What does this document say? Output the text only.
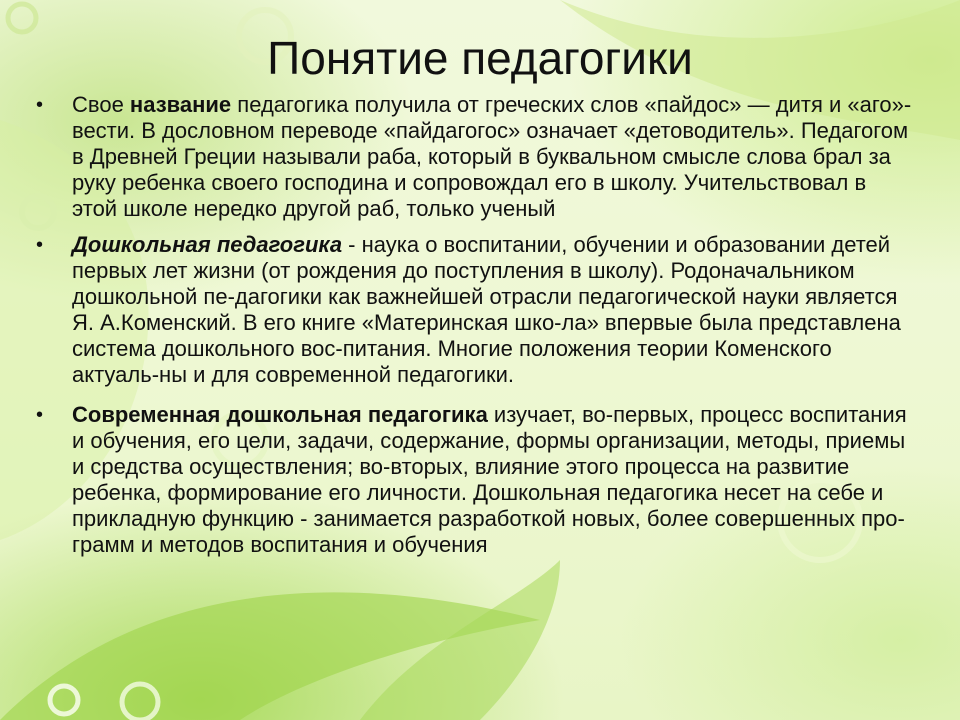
Понятие педагогики
•	Свое название педагогика получила от греческих слов «пайдос» — дитя и «аго»- вести. В дословном переводе «пайдагогос» означает «детоводитель». Педагогом в Древней Греции называли раба, который в буквальном смысле слова брал за руку ребенка своего господина и сопровождал его в школу. Учительствовал в этой школе нередко другой раб, только ученый
•	Дошкольная педагогика - наука о воспитании, обучении и образовании детей первых лет жизни (от рождения до поступления в школу). Родоначальником дошкольной пе-дагогики как важнейшей отрасли педагогической науки является Я. А.Коменский. В его книге «Материнская шко-ла» впервые была представлена система дошкольного вос-питания. Многие положения теории Коменского актуаль-ны и для современной педагогики.
•	Современная дошкольная педагогика изучает, во-первых, процесс воспитания и обучения, его цели, задачи, содержание, формы организации, методы, приемы и средства осуществления; во-вторых, влияние этого процесса на развитие ребенка, формирование его личности. Дошкольная педагогика несет на себе и прикладную функцию - занимается разработкой новых, более совершенных про-грамм и методов воспитания и обучения
